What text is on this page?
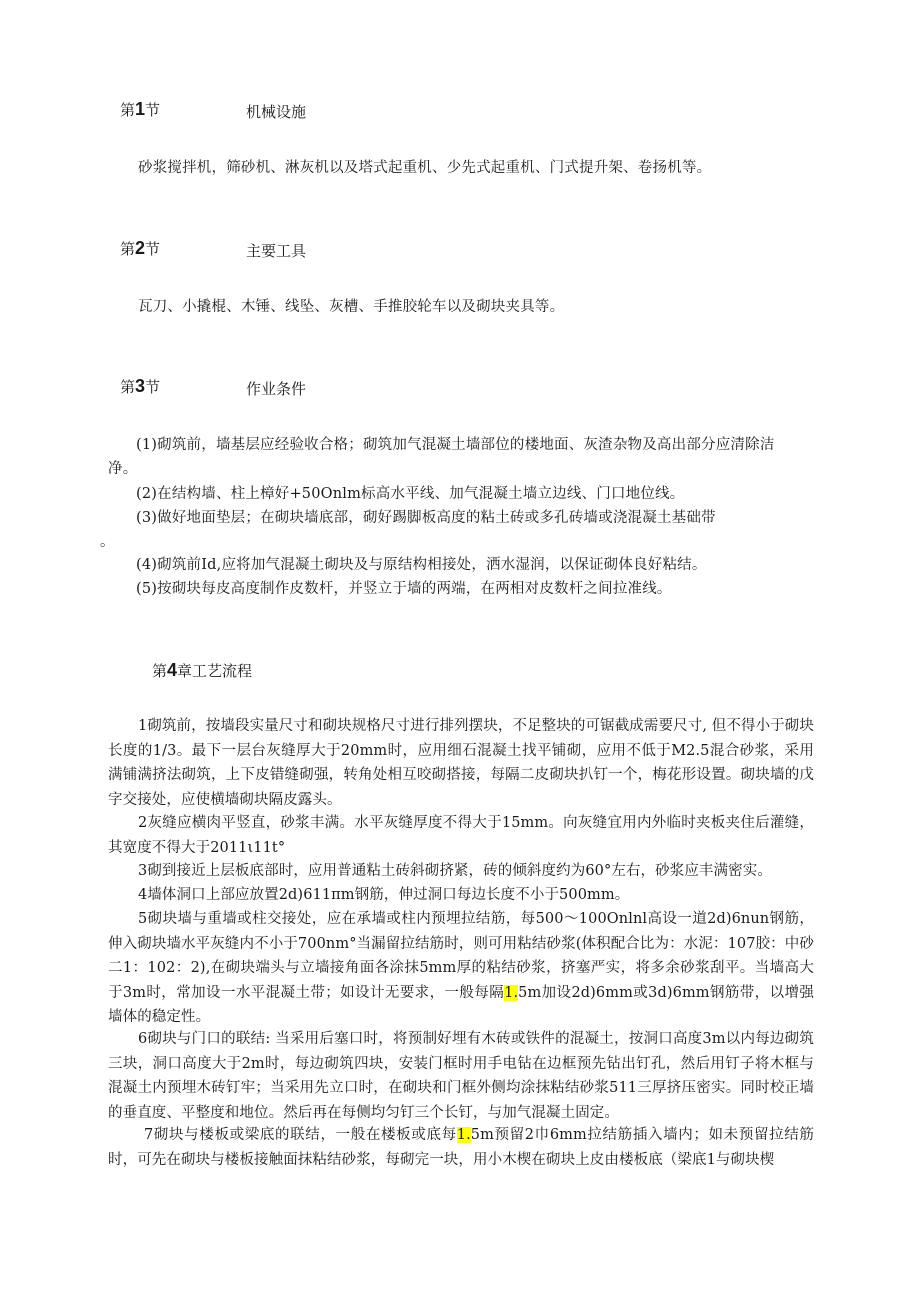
第1节	机械设施
砂浆搅拌机，筛砂机、淋灰机以及塔式起重机、少先式起重机、门式提升架、卷扬机等。
第2节	主要工具
瓦刀、小撬棍、木锤、线坠、灰槽、手推胶轮车以及砌块夹具等。
第3节	作业条件
(1)砌筑前，墙基层应经验收合格；砌筑加气混凝土墙部位的楼地面、灰渣杂物及高出部分应清除洁
净。
(2)在结构墙、柱上樟好+50Onlm标高水平线、加气混凝土墙立边线、门口地位线。
(3)做好地面垫层；在砌块墙底部，砌好踢脚板高度的粘土砖或多孔砖墙或浇混凝土基础带
。
(4)砌筑前Id,应将加气混凝土砌块及与原结构相接处，洒水湿润，以保证砌体良好粘结。
(5)按砌块每皮高度制作皮数杆，并竖立于墙的两端，在两相对皮数杆之间拉准线。
第4章工艺流程
1砌筑前，按墙段实量尺寸和砌块规格尺寸进行排列摆块，不足整块的可锯截成需要尺寸, 但不得小于砌块长度的1/3。最下一层台灰缝厚大于20mm时，应用细石混凝土找平铺砌，应用不低于M2.5混合砂浆，采用满铺满挤法砌筑，上下皮错缝砌强，转角处相互咬砌搭接，每隔二皮砌块扒钉一个，梅花形设置。砌块墙的戊字交接处，应使横墙砌块隔皮露头。
2灰缝应横肉平竖直，砂浆丰满。水平灰缝厚度不得大于15mm。向灰缝宜用内外临时夹板夹住后灌缝，其宽度不得大于2011ι11t°
3砌到接近上层板底部时，应用普通粘土砖斜砌挤紧，砖的倾斜度约为60°左右，砂浆应丰满密实。
4墙体洞口上部应放置2d)611πm钢筋，伸过洞口每边长度不小于500mm。
5砌块墙与重墙或柱交接处，应在承墙或柱内预埋拉结筋，每500～100Onlnl高设一道2d)6nun钢筋，伸入砌块墙水平灰缝内不小于700nm°当漏留拉结筋时，则可用粘结砂浆(体积配合比为：水泥：107胶：中砂二1：102：2),在砌块端头与立墙接角面各涂抹5mm厚的粘结砂浆，挤塞严实，将多余砂浆刮平。当墙高大于3m时，常加设一水平混凝土带；如设计无要求，一般每隔1.5m加设2d)6mm或3d)6mm钢筋带，以增强墙体的稳定性。
6砌块与门口的联结: 当采用后塞口时，将预制好埋有木砖或铁件的混凝土，按洞口高度3m以内每边砌筑三块，洞口高度大于2m时，每边砌筑四块，安装门框时用手电钻在边框预先钻出钉孔，然后用钉子将木框与混凝土内预埋木砖钉牢；当采用先立口时，在砌块和门框外侧均涂抹粘结砂浆511三厚挤压密实。同时校正墙的垂直度、平整度和地位。然后再在每侧均匀钉三个长钉，与加气混凝土固定。
7砌块与楼板或梁底的联结，一般在楼板或底每1.5m预留2巾6mm拉结筋插入墙内；如未预留拉结筋时，可先在砌块与楼板接触面抹粘结砂浆，每砌完一块，用小木楔在砌块上皮由楼板底（梁底1与砌块楔
